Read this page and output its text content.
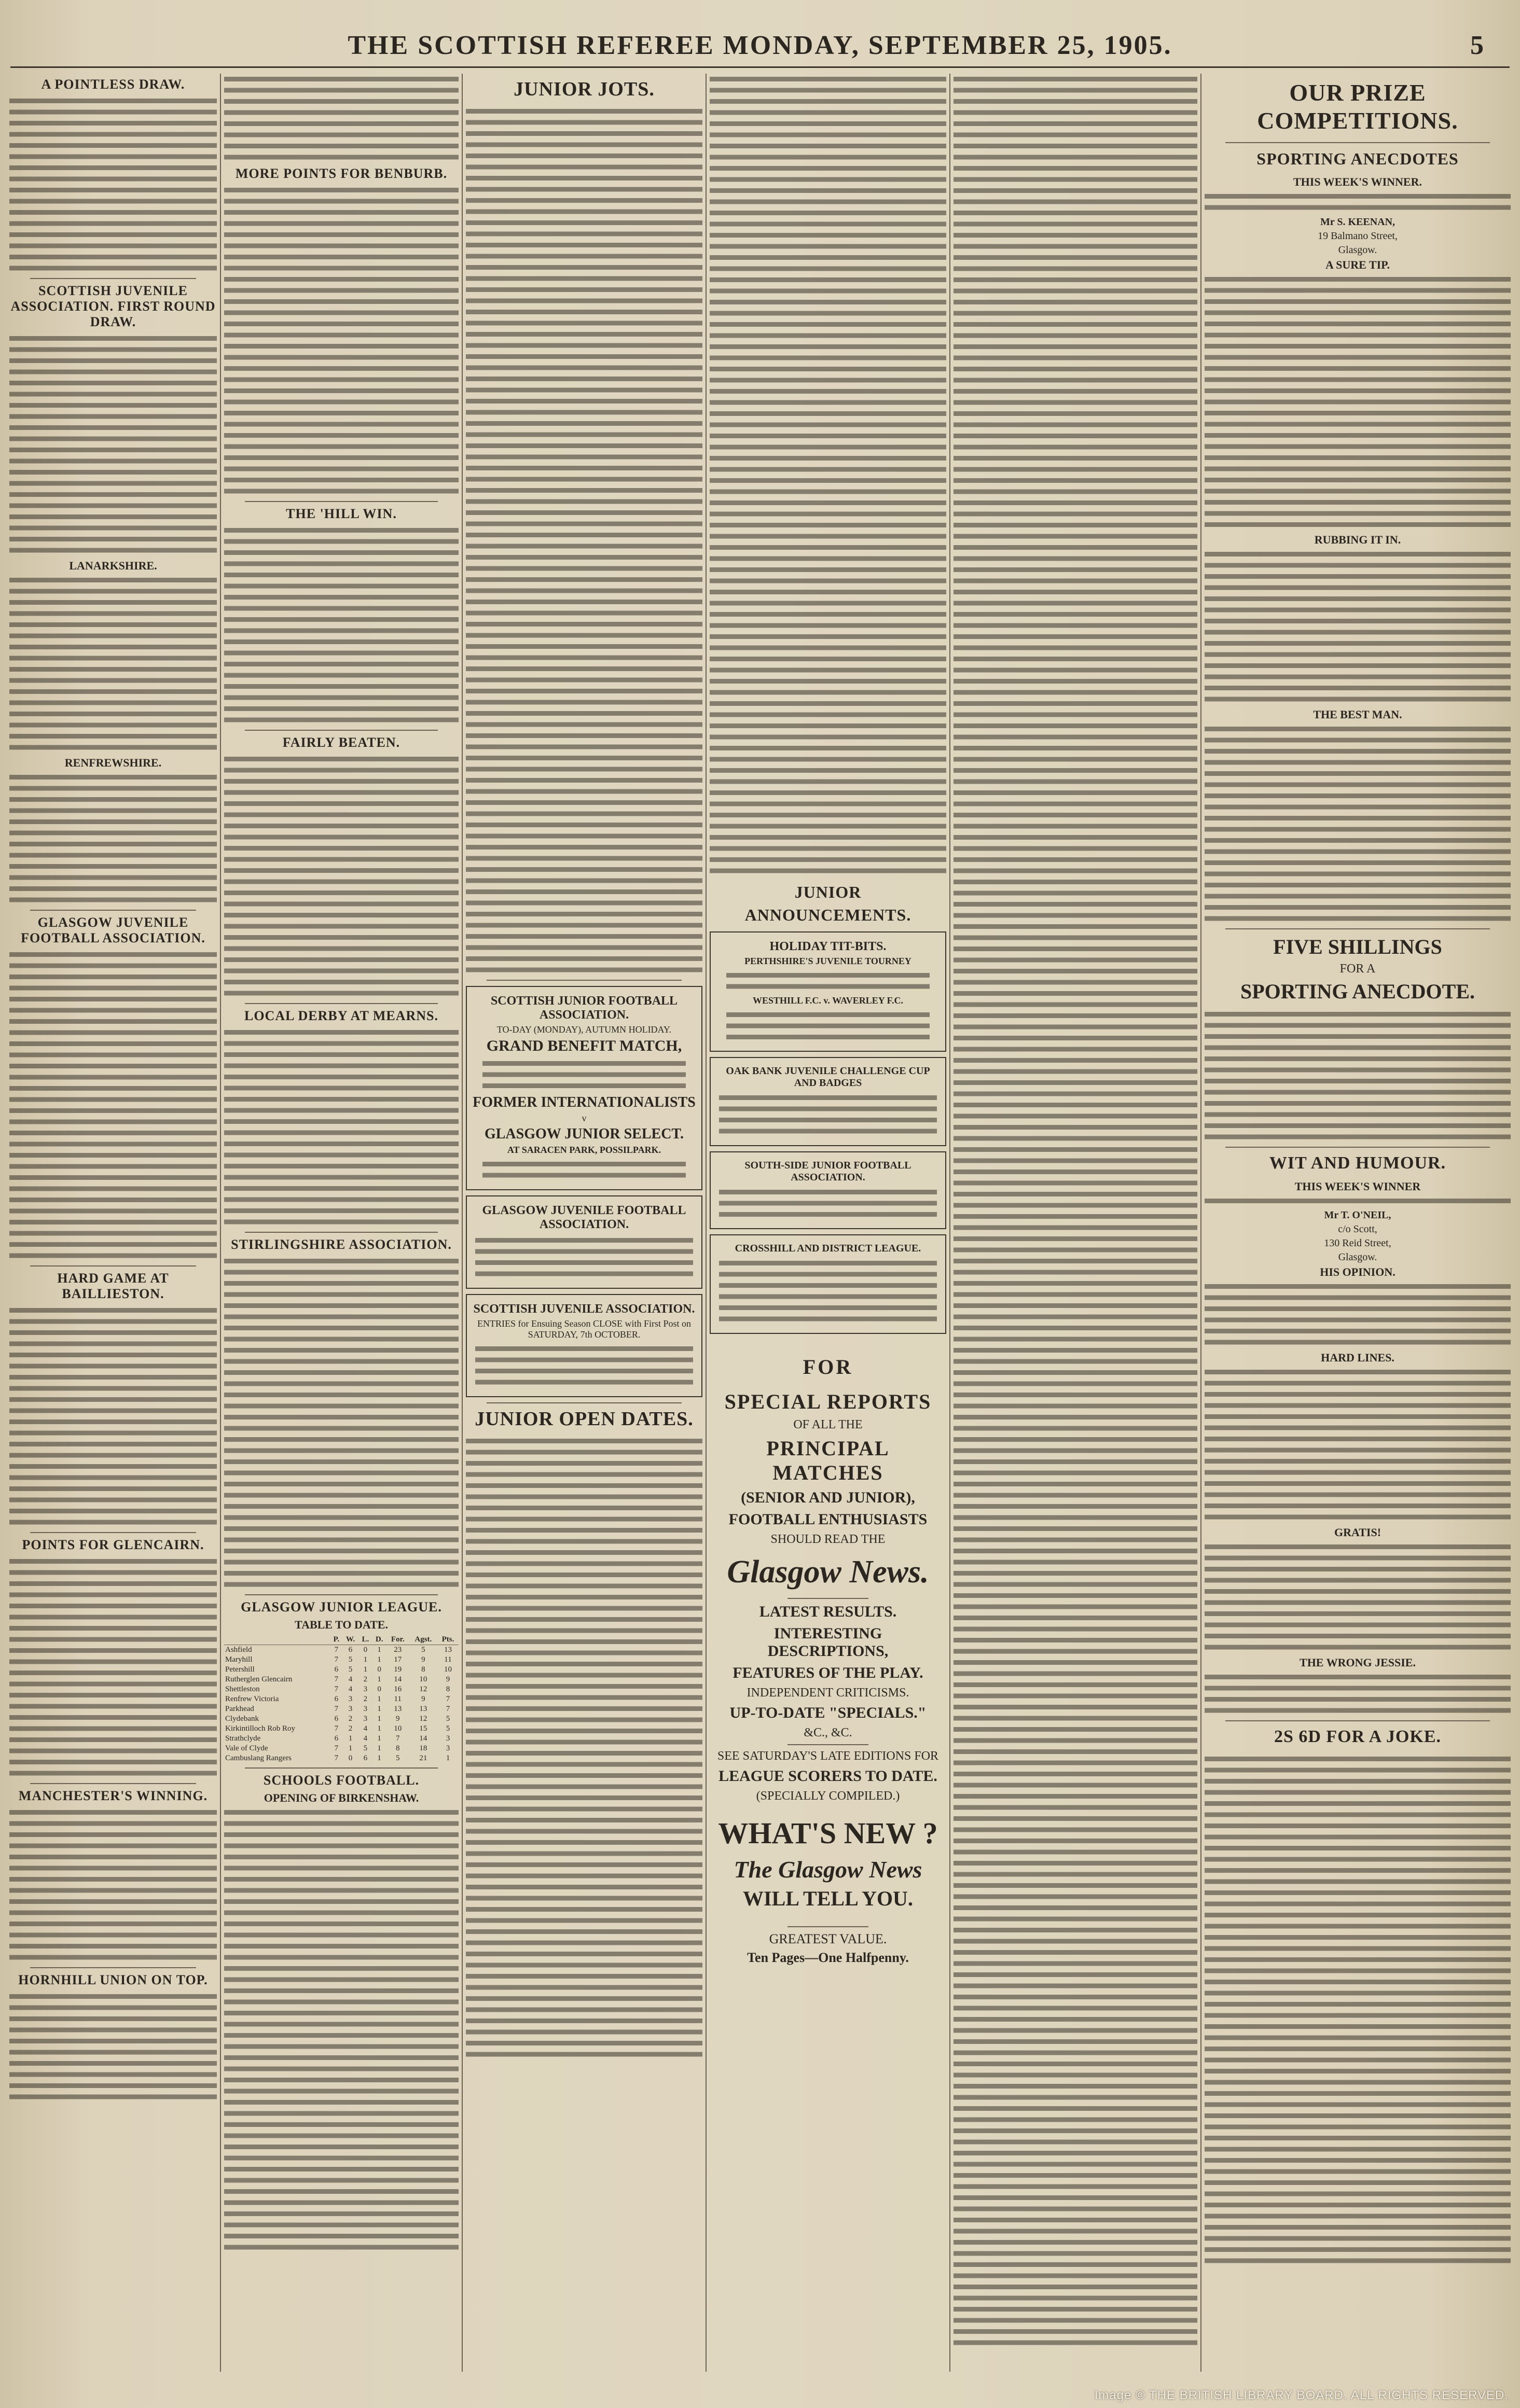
THE SCOTTISH REFEREE MONDAY, SEPTEMBER 25, 1905.	5
A POINTLESS DRAW.
SCOTTISH JUVENILE ASSOCIATION. FIRST ROUND DRAW.
LANARKSHIRE.
RENFREWSHIRE.
GLASGOW JUVENILE FOOTBALL ASSOCIATION.
HARD GAME AT BAILLIESTON.
POINTS FOR GLENCAIRN.
MANCHESTER'S WINNING.
HORNHILL UNION ON TOP.
MORE POINTS FOR BENBURB.
THE 'HILL WIN.
FAIRLY BEATEN.
LOCAL DERBY AT MEARNS.
STIRLINGSHIRE ASSOCIATION.
GLASGOW JUNIOR LEAGUE.
TABLE TO DATE.
	P.	W.	L.	D.	For.	Agst.	Pts.
Ashfield	7	6	0	1	23	5	13
Maryhill	7	5	1	1	17	9	11
Petershill	6	5	1	0	19	8	10
Rutherglen Glencairn	7	4	2	1	14	10	9
Shettleston	7	4	3	0	16	12	8
Renfrew Victoria	6	3	2	1	11	9	7
Parkhead	7	3	3	1	13	13	7
Clydebank	6	2	3	1	9	12	5
Kirkintilloch Rob Roy	7	2	4	1	10	15	5
Strathclyde	6	1	4	1	7	14	3
Vale of Clyde	7	1	5	1	8	18	3
Cambuslang Rangers	7	0	6	1	5	21	1
SCHOOLS FOOTBALL.
OPENING OF BIRKENSHAW.
JUNIOR JOTS.
SCOTTISH JUNIOR FOOTBALL ASSOCIATION.
TO-DAY (MONDAY), AUTUMN HOLIDAY.
GRAND BENEFIT MATCH,
FORMER INTERNATIONALISTS
v
GLASGOW JUNIOR SELECT.
AT SARACEN PARK, POSSILPARK.
GLASGOW JUVENILE FOOTBALL ASSOCIATION.
SCOTTISH JUVENILE ASSOCIATION.
ENTRIES for Ensuing Season CLOSE with First Post on SATURDAY, 7th OCTOBER.
JUNIOR OPEN DATES.
JUNIOR ANNOUNCEMENTS.
HOLIDAY TIT-BITS.
PERTHSHIRE'S JUVENILE TOURNEY
WESTHILL F.C. v. WAVERLEY F.C.
OAK BANK JUVENILE CHALLENGE CUP AND BADGES
SOUTH-SIDE JUNIOR FOOTBALL ASSOCIATION.
CROSSHILL AND DISTRICT LEAGUE.
FOR
SPECIAL REPORTS
OF ALL THE
PRINCIPAL MATCHES
(SENIOR AND JUNIOR),
FOOTBALL ENTHUSIASTS
SHOULD READ THE
Glasgow News.
LATEST RESULTS.
INTERESTING DESCRIPTIONS,
FEATURES OF THE PLAY.
INDEPENDENT CRITICISMS.
UP-TO-DATE "SPECIALS."
&C., &C.
SEE SATURDAY'S LATE EDITIONS FOR
LEAGUE SCORERS TO DATE.
(SPECIALLY COMPILED.)
WHAT'S NEW ?
The Glasgow News
WILL TELL YOU.
GREATEST VALUE.
Ten Pages—One Halfpenny.
OUR PRIZE COMPETITIONS.
SPORTING ANECDOTES
THIS WEEK'S WINNER.
Mr S. KEENAN,
19 Balmano Street,
Glasgow.
A SURE TIP.
RUBBING IT IN.
THE BEST MAN.
FIVE SHILLINGS
FOR A
SPORTING ANECDOTE.
WIT AND HUMOUR.
THIS WEEK'S WINNER
Mr T. O'NEIL,
c/o Scott,
130 Reid Street,
Glasgow.
HIS OPINION.
HARD LINES.
GRATIS!
THE WRONG JESSIE.
2S 6D FOR A JOKE.
Image © THE BRITISH LIBRARY BOARD. ALL RIGHTS RESERVED.
